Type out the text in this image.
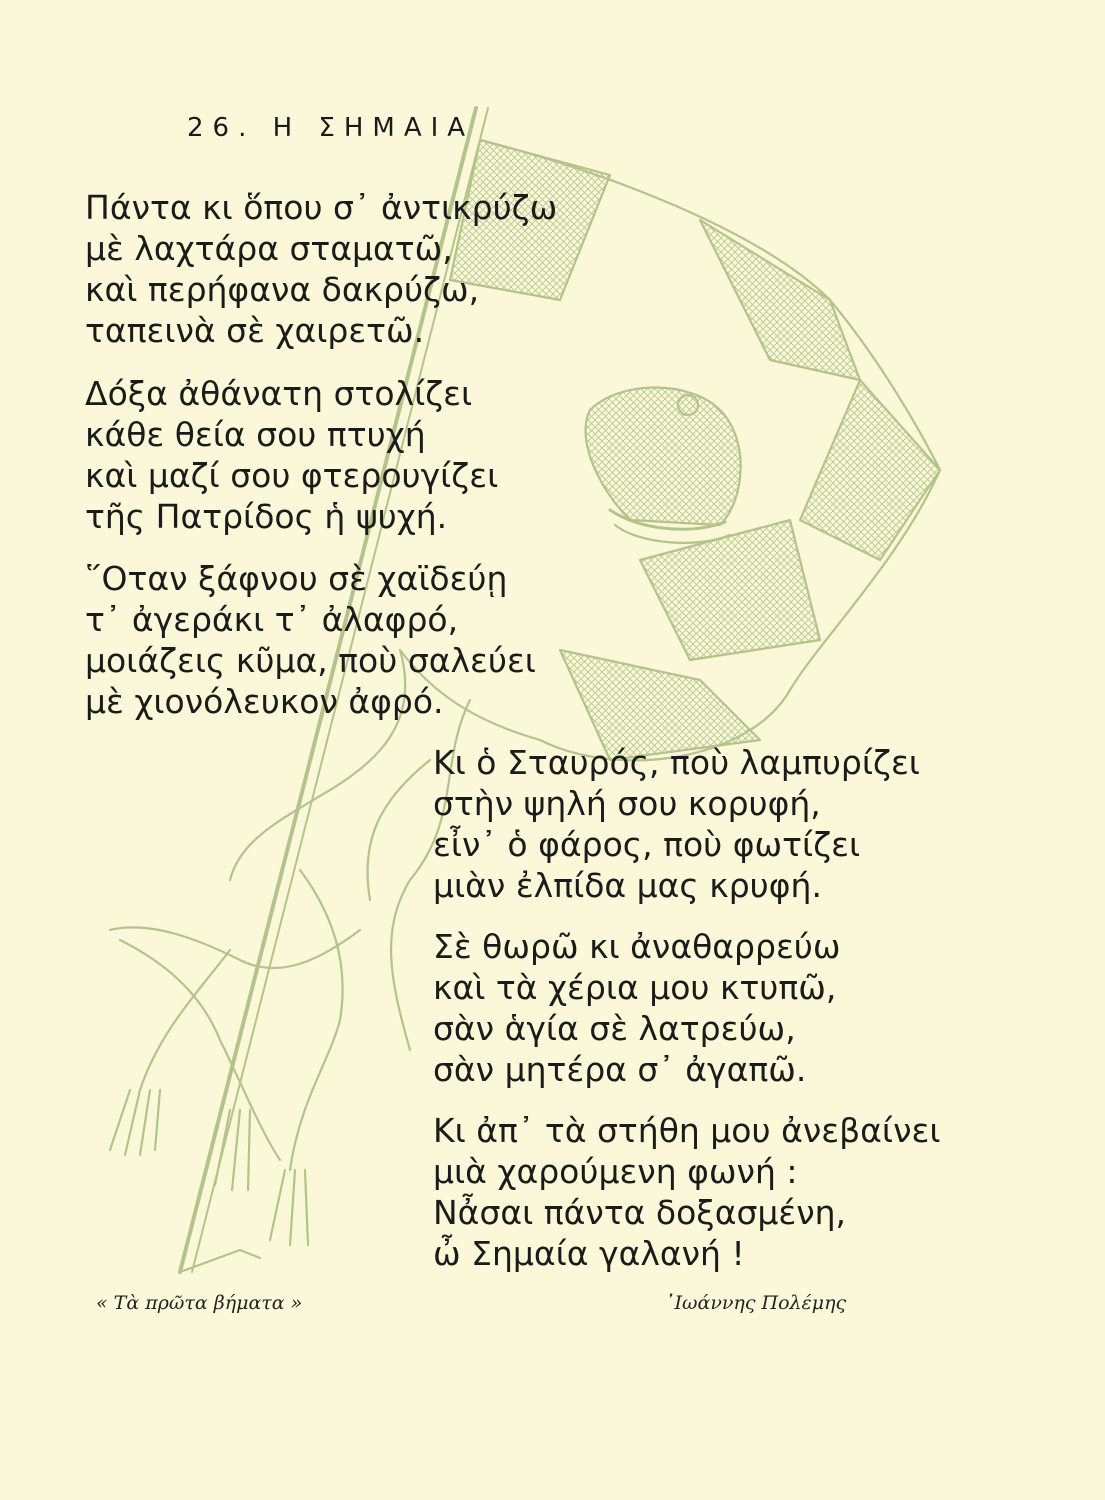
26. Η ΣΗΜΑΙΑ
Πάντα κι ὅπου σ᾽ ἀντικρύζω
μὲ λαχτάρα σταματῶ,
καὶ περήφανα δακρύζω,
ταπεινὰ σὲ χαιρετῶ.
Δόξα ἀθάνατη στολίζει
κάθε θεία σου πτυχή
καὶ μαζί σου φτερουγίζει
τῆς Πατρίδος ἡ ψυχή.
῞Οταν ξάφνου σὲ χαϊδεύῃ
τ᾽ ἀγεράκι τ᾽ ἀλαφρό,
μοιάζεις κῦμα, ποὺ σαλεύει
μὲ χιονόλευκον ἀφρό.
Κι ὁ Σταυρός, ποὺ λαμπυρίζει
στὴν ψηλή σου κορυφή,
εἶν᾽ ὁ φάρος, ποὺ φωτίζει
μιὰν ἐλπίδα μας κρυφή.
Σὲ θωρῶ κι ἀναθαρρεύω
καὶ τὰ χέρια μου κτυπῶ,
σὰν ἁγία σὲ λατρεύω,
σὰν μητέρα σ᾽ ἀγαπῶ.
Κι ἀπ᾽ τὰ στήθη μου ἀνεβαίνει
μιὰ χαρούμενη φωνή :
Νἆσαι πάντα δοξασμένη,
ὦ Σημαία γαλανή !
« Τὰ πρῶτα βήματα »	᾽Ιωάννης Πολέμης
